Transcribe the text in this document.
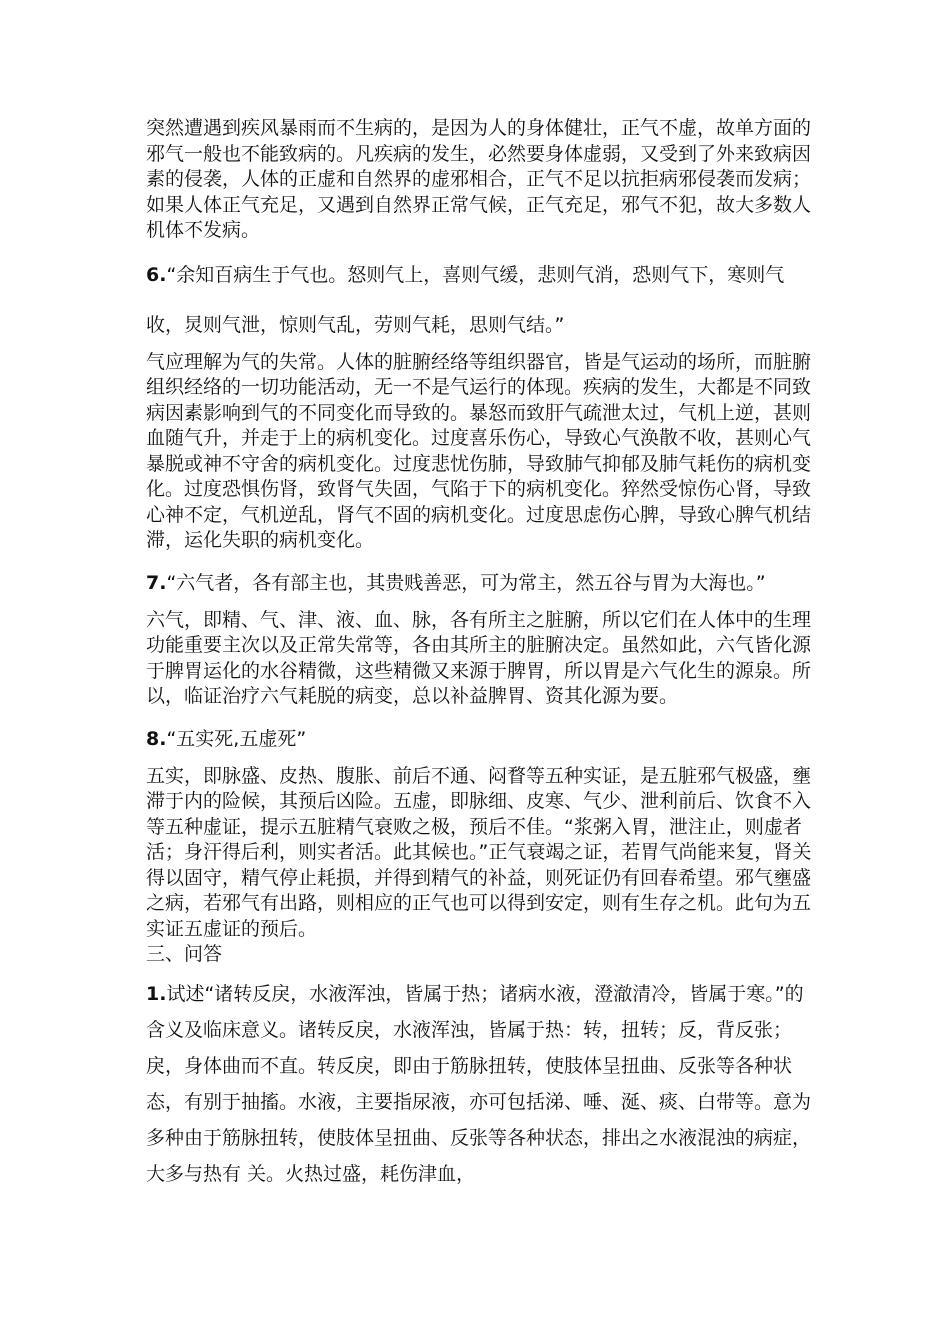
突然遭遇到疾风暴雨而不生病的，是因为人的身体健壮，正气不虚，故单方面的邪气一般也不能致病的。凡疾病的发生，必然要身体虚弱，又受到了外来致病因素的侵袭，人体的正虚和自然界的虚邪相合，正气不足以抗拒病邪侵袭而发病；如果人体正气充足，又遇到自然界正常气候，正气充足，邪气不犯，故大多数人机体不发病。

6.“余知百病生于气也。怒则气上，喜则气缓，悲则气消，恐则气下，寒则气收，炅则气泄，惊则气乱，劳则气耗，思则气结。”

气应理解为气的失常。人体的脏腑经络等组织器官，皆是气运动的场所，而脏腑组织经络的一切功能活动，无一不是气运行的体现。疾病的发生，大都是不同致病因素影响到气的不同变化而导致的。暴怒而致肝气疏泄太过，气机上逆，甚则血随气升，并走于上的病机变化。过度喜乐伤心，导致心气涣散不收，甚则心气暴脱或神不守舍的病机变化。过度悲忧伤肺，导致肺气抑郁及肺气耗伤的病机变化。过度恐惧伤肾，致肾气失固，气陷于下的病机变化。猝然受惊伤心肾，导致心神不定，气机逆乱，肾气不固的病机变化。过度思虑伤心脾，导致心脾气机结滞，运化失职的病机变化。

7.“六气者，各有部主也，其贵贱善恶，可为常主，然五谷与胃为大海也。”

六气，即精、气、津、液、血、脉，各有所主之脏腑，所以它们在人体中的生理功能重要主次以及正常失常等，各由其所主的脏腑决定。虽然如此，六气皆化源于脾胃运化的水谷精微，这些精微又来源于脾胃，所以胃是六气化生的源泉。所以，临证治疗六气耗脱的病变，总以补益脾胃、资其化源为要。

8.“五实死,五虚死”

五实，即脉盛、皮热、腹胀、前后不通、闷瞀等五种实证，是五脏邪气极盛，壅滞于内的险候，其预后凶险。五虚，即脉细、皮寒、气少、泄利前后、饮食不入等五种虚证，提示五脏精气衰败之极，预后不佳。“浆粥入胃，泄注止，则虚者活；身汗得后利，则实者活。此其候也。”正气衰竭之证，若胃气尚能来复，肾关得以固守，精气停止耗损，并得到精气的补益，则死证仍有回春希望。邪气壅盛之病，若邪气有出路，则相应的正气也可以得到安定，则有生存之机。此句为五实证五虚证的预后。

三、问答

1.试述“诸转反戾，水液浑浊，皆属于热；诸病水液，澄澈清冷，皆属于寒。”的含义及临床意义。诸转反戾，水液浑浊，皆属于热：转，扭转；反，背反张；戾，身体曲而不直。转反戾，即由于筋脉扭转，使肢体呈扭曲、反张等各种状态，有别于抽搐。水液，主要指尿液，亦可包括涕、唾、涎、痰、白带等。意为多种由于筋脉扭转，使肢体呈扭曲、反张等各种状态，排出之水液混浊的病症，大多与热有 关。火热过盛，耗伤津血，
